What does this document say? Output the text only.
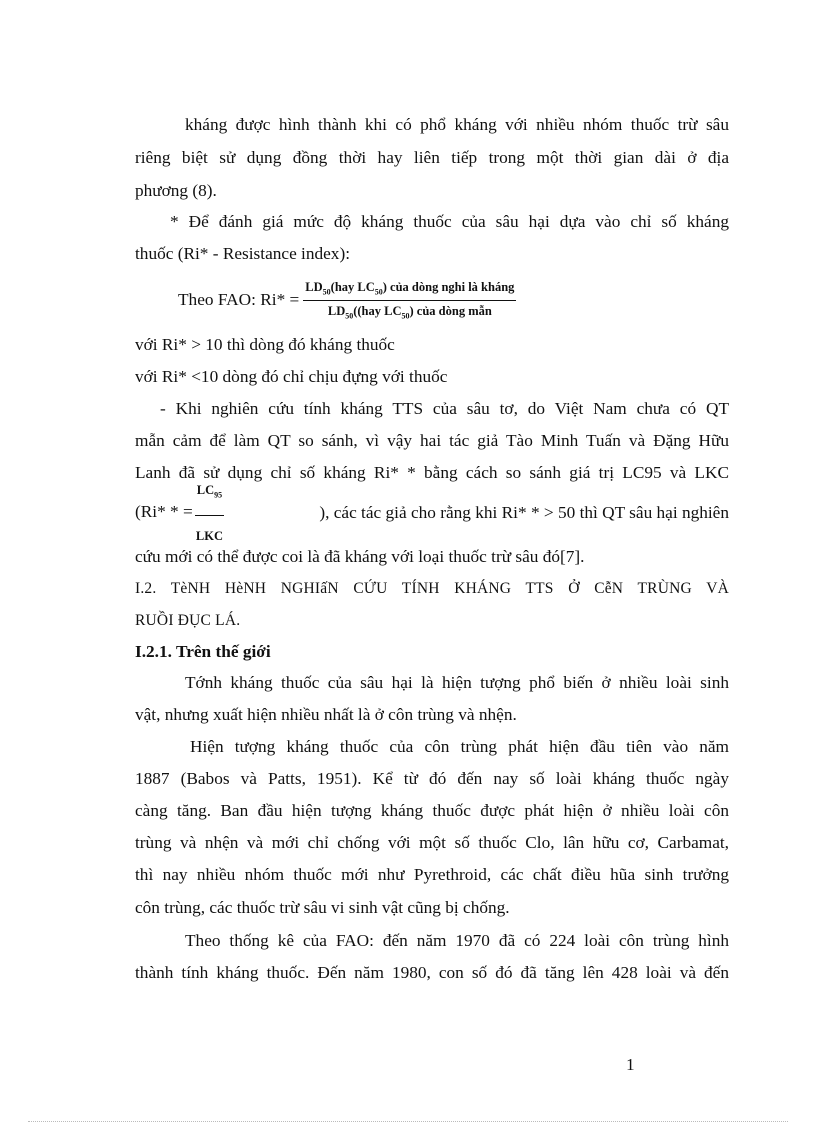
kháng được hình thành khi có phổ kháng với nhiều nhóm thuốc trừ sâu
riêng biệt sử dụng đồng thời hay liên tiếp trong một thời gian dài ở địa
phương (8).
* Để đánh giá mức độ kháng thuốc của sâu hại dựa vào chỉ số kháng
thuốc (Ri* - Resistance index):
Theo FAO: $Ri* = \frac{LD_{50}(hay LC_{50}) của dòng nghi là kháng}{LD_{50}((hay LC_{50}) của dòng mẫn}$
với Ri* > 10 thì dòng đó kháng thuốc
với Ri* <10 dòng đó chỉ chịu đựng với thuốc
- Khi nghiên cứu tính kháng TTS của sâu tơ, do Việt Nam chưa có QT
mẫn cảm để làm QT so sánh, vì vậy hai tác giả Tào Minh Tuấn và Đặng Hữu
Lanh đã sử dụng chỉ số kháng Ri* * bằng cách so sánh giá trị LC95 và LKC
(Ri* * = $\frac{LC_{95}}{\text{LKC}}$	), các tác giả cho rằng khi Ri* * > 50 thì QT sâu hại nghiên
cứu mới có thể được coi là đã kháng với loại thuốc trừ sâu đó[7].
I.2. TèNH HèNH NGHIấN CỨU TÍNH KHÁNG TTS Ở CễN TRÙNG VÀ
RUỒI ĐỤC LÁ.
I.2.1. Trên thế giới
Tớnh kháng thuốc của sâu hại là hiện tượng phổ biến ở nhiều loài sinh
vật, nhưng xuất hiện nhiều nhất là ở côn trùng và nhện.
Hiện tượng kháng thuốc của côn trùng phát hiện đầu tiên vào năm
1887 (Babos và Patts, 1951). Kể từ đó đến nay số loài kháng thuốc ngày
càng tăng. Ban đầu hiện tượng kháng thuốc được phát hiện ở nhiều loài côn
trùng và nhện và mới chỉ chống với một số thuốc Clo, lân hữu cơ, Carbamat,
thì nay nhiều nhóm thuốc mới như Pyrethroid, các chất điều hũa sinh trưởng
côn trùng, các thuốc trừ sâu vi sinh vật cũng bị chống.
Theo thống kê của FAO: đến năm 1970 đã có 224 loài côn trùng hình
thành tính kháng thuốc. Đến năm 1980, con số đó đã tăng lên 428 loài và đến
1
